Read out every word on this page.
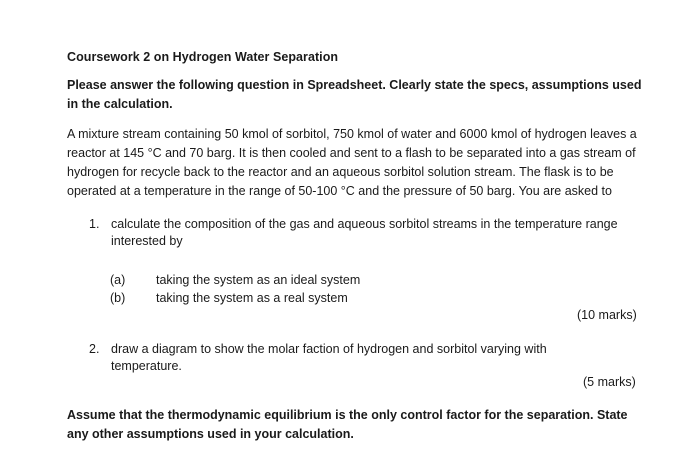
Coursework 2 on Hydrogen Water Separation
Please answer the following question in Spreadsheet. Clearly state the specs, assumptions used in the calculation.
A mixture stream containing 50 kmol of sorbitol, 750 kmol of water and 6000 kmol of hydrogen leaves a reactor at 145 °C and 70 barg. It is then cooled and sent to a flash to be separated into a gas stream of hydrogen for recycle back to the reactor and an aqueous sorbitol solution stream. The flask is to be operated at a temperature in the range of 50-100 °C and the pressure of 50 barg. You are asked to
1. calculate the composition of the gas and aqueous sorbitol streams in the temperature range interested by
(a)	taking the system as an ideal system
(b)	taking the system as a real system
(10 marks)
2. draw a diagram to show the molar faction of hydrogen and sorbitol varying with temperature.
(5 marks)
Assume that the thermodynamic equilibrium is the only control factor for the separation. State any other assumptions used in your calculation.
